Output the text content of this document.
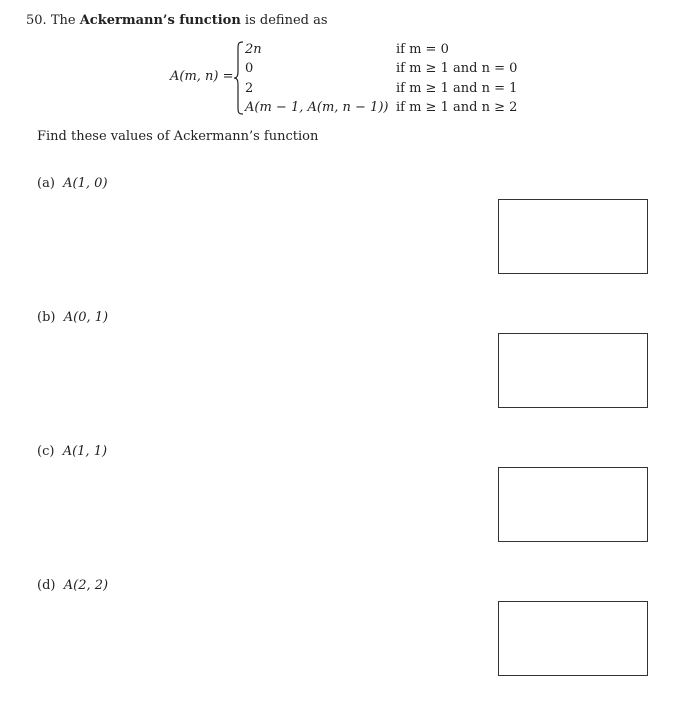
50. The Ackermann’s function is defined as
A(m, n) =
2n
0
2
A(m − 1, A(m, n − 1))
if m = 0
if m ≥ 1 and n = 0
if m ≥ 1 and n = 1
if m ≥ 1 and n ≥ 2
Find these values of Ackermann’s function
(a) A(1, 0)
(b) A(0, 1)
(c) A(1, 1)
(d) A(2, 2)
